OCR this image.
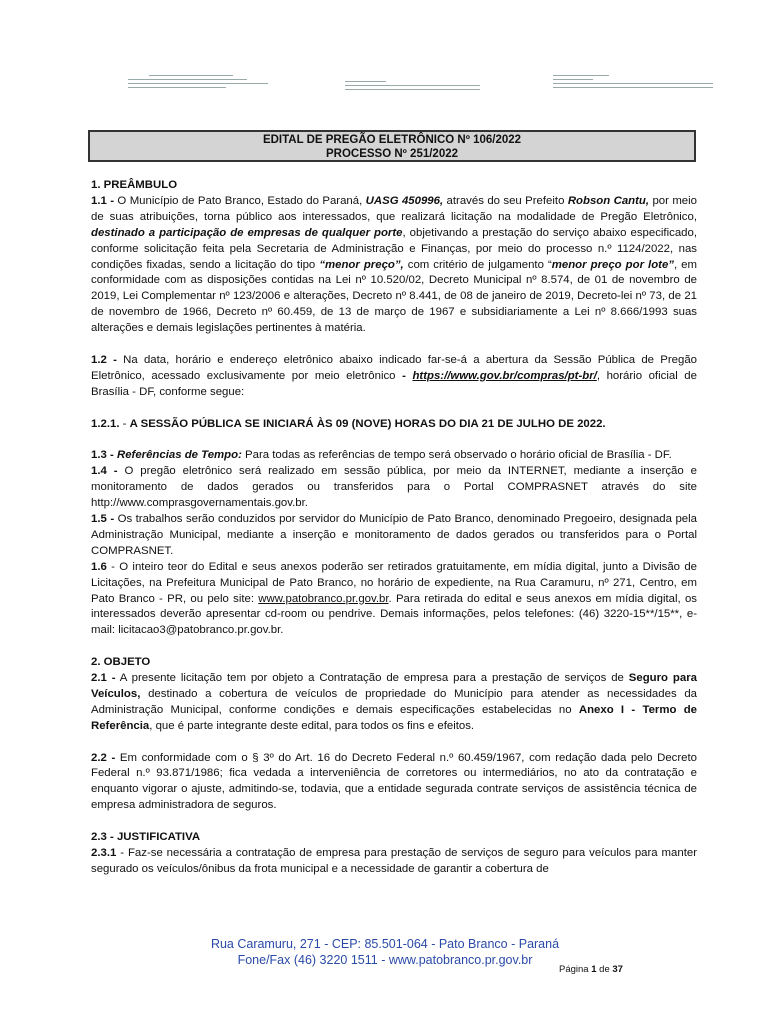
EDITAL DE PREGÃO ELETRÔNICO Nº 106/2022
PROCESSO Nº 251/2022

1. PREÂMBULO

1.1 - O Município de Pato Branco, Estado do Paraná, UASG 450996, através do seu Prefeito Robson Cantu, por meio de suas atribuições, torna público aos interessados, que realizará licitação na modalidade de Pregão Eletrônico, destinado a participação de empresas de qualquer porte, objetivando a prestação do serviço abaixo especificado, conforme solicitação feita pela Secretaria de Administração e Finanças, por meio do processo n.º 1124/2022, nas condições fixadas, sendo a licitação do tipo “menor preço”, com critério de julgamento “menor preço por lote”, em conformidade com as disposições contidas na Lei nº 10.520/02, Decreto Municipal nº 8.574, de 01 de novembro de 2019, Lei Complementar nº 123/2006 e alterações, Decreto nº 8.441, de 08 de janeiro de 2019, Decreto-lei nº 73, de 21 de novembro de 1966, Decreto nº 60.459, de 13 de março de 1967 e subsidiariamente a Lei nº 8.666/1993 suas alterações e demais legislações pertinentes à matéria.

1.2 - Na data, horário e endereço eletrônico abaixo indicado far-se-á a abertura da Sessão Pública de Pregão Eletrônico, acessado exclusivamente por meio eletrônico - https://www.gov.br/compras/pt-br/, horário oficial de Brasília - DF, conforme segue:

1.2.1. - A SESSÃO PÚBLICA SE INICIARÁ ÀS 09 (NOVE) HORAS DO DIA 21 DE JULHO DE 2022.

1.3 - Referências de Tempo: Para todas as referências de tempo será observado o horário oficial de Brasília - DF.

1.4 - O pregão eletrônico será realizado em sessão pública, por meio da INTERNET, mediante a inserção e monitoramento de dados gerados ou transferidos para o Portal COMPRASNET através do site http://www.comprasgovernamentais.gov.br.

1.5 - Os trabalhos serão conduzidos por servidor do Município de Pato Branco, denominado Pregoeiro, designada pela Administração Municipal, mediante a inserção e monitoramento de dados gerados ou transferidos para o Portal COMPRASNET.

1.6 - O inteiro teor do Edital e seus anexos poderão ser retirados gratuitamente, em mídia digital, junto a Divisão de Licitações, na Prefeitura Municipal de Pato Branco, no horário de expediente, na Rua Caramuru, nº 271, Centro, em Pato Branco - PR, ou pelo site: www.patobranco.pr.gov.br. Para retirada do edital e seus anexos em mídia digital, os interessados deverão apresentar cd-room ou pendrive. Demais informações, pelos telefones: (46) 3220-15**/15**, e-mail: licitacao3@patobranco.pr.gov.br.

2. OBJETO

2.1 - A presente licitação tem por objeto a Contratação de empresa para a prestação de serviços de Seguro para Veículos, destinado a cobertura de veículos de propriedade do Município para atender as necessidades da Administração Municipal, conforme condições e demais especificações estabelecidas no Anexo I - Termo de Referência, que é parte integrante deste edital, para todos os fins e efeitos.

2.2 - Em conformidade com o § 3º do Art. 16 do Decreto Federal n.º 60.459/1967, com redação dada pelo Decreto Federal n.º 93.871/1986; fica vedada a interveniência de corretores ou intermediários, no ato da contratação e enquanto vigorar o ajuste, admitindo-se, todavia, que a entidade segurada contrate serviços de assistência técnica de empresa administradora de seguros.

2.3 - JUSTIFICATIVA

2.3.1 - Faz-se necessária a contratação de empresa para prestação de serviços de seguro para veículos para manter segurado os veículos/ônibus da frota municipal e a necessidade de garantir a cobertura de

Rua Caramuru, 271 - CEP: 85.501-064 - Pato Branco - Paraná
Fone/Fax (46) 3220 1511 - www.patobranco.pr.gov.br
Página 1 de 37
